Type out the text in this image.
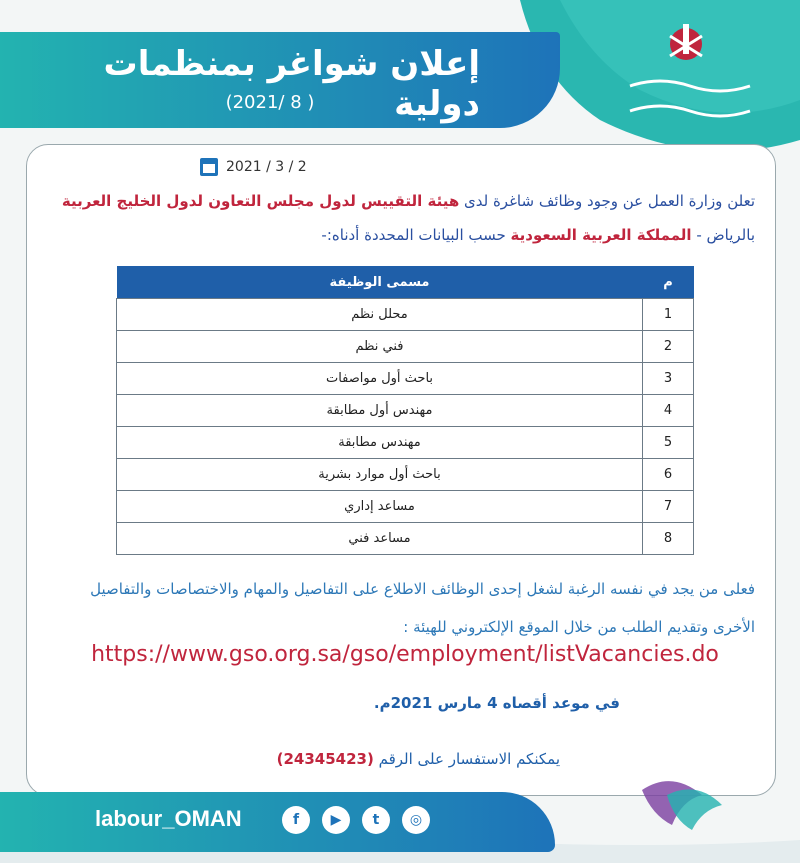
إعلان شواغر بمنظمات دولية
( 8 /2021)
2021 / 3 / 2
تعلن وزارة العمل عن وجود وظائف شاغرة لدى هيئة التقييس لدول مجلس التعاون لدول الخليج العربية بالرياض - المملكة العربية السعودية حسب البيانات المحددة أدناه:-
م	مسمى الوظيفة
1	محلل نظم
2	فني نظم
3	باحث أول مواصفات
4	مهندس أول مطابقة
5	مهندس مطابقة
6	باحث أول موارد بشرية
7	مساعد إداري
8	مساعد فني
فعلى من يجد في نفسه الرغبة لشغل إحدى الوظائف الاطلاع على التفاصيل والمهام والاختصاصات والتفاصيل الأخرى وتقديم الطلب من خلال الموقع الإلكتروني للهيئة :
https://www.gso.org.sa/gso/employment/listVacancies.do
في موعد أقصاه 4 مارس 2021م.
يمكنكم الاستفسار على الرقم (24345423)
f	▶	t	◎
labour_OMAN
